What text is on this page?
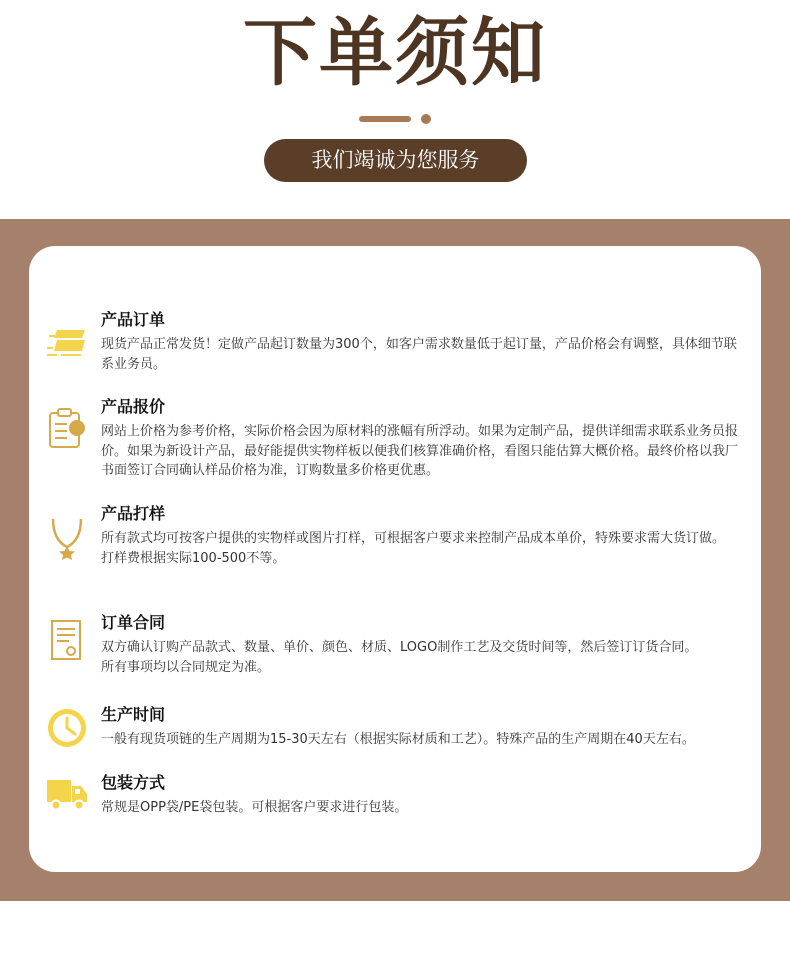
下单须知
我们竭诚为您服务
产品订单

现货产品正常发货！定做产品起订数量为300个，如客户需求数量低于起订量，产品价格会有调整，具体细节联系业务员。

产品报价

网站上价格为参考价格，实际价格会因为原材料的涨幅有所浮动。如果为定制产品，提供详细需求联系业务员报价。如果为新设计产品，最好能提供实物样板以便我们核算准确价格，看图只能估算大概价格。最终价格以我厂书面签订合同确认样品价格为准，订购数量多价格更优惠。

产品打样

所有款式均可按客户提供的实物样或图片打样，可根据客户要求来控制产品成本单价，特殊要求需大货订做。

打样费根据实际100-500不等。

订单合同

双方确认订购产品款式、数量、单价、颜色、材质、LOGO制作工艺及交货时间等，然后签订订货合同。

所有事项均以合同规定为准。

生产时间

一般有现货项链的生产周期为15-30天左右（根据实际材质和工艺）。特殊产品的生产周期在40天左右。

包装方式

常规是OPP袋/PE袋包装。可根据客户要求进行包装。
